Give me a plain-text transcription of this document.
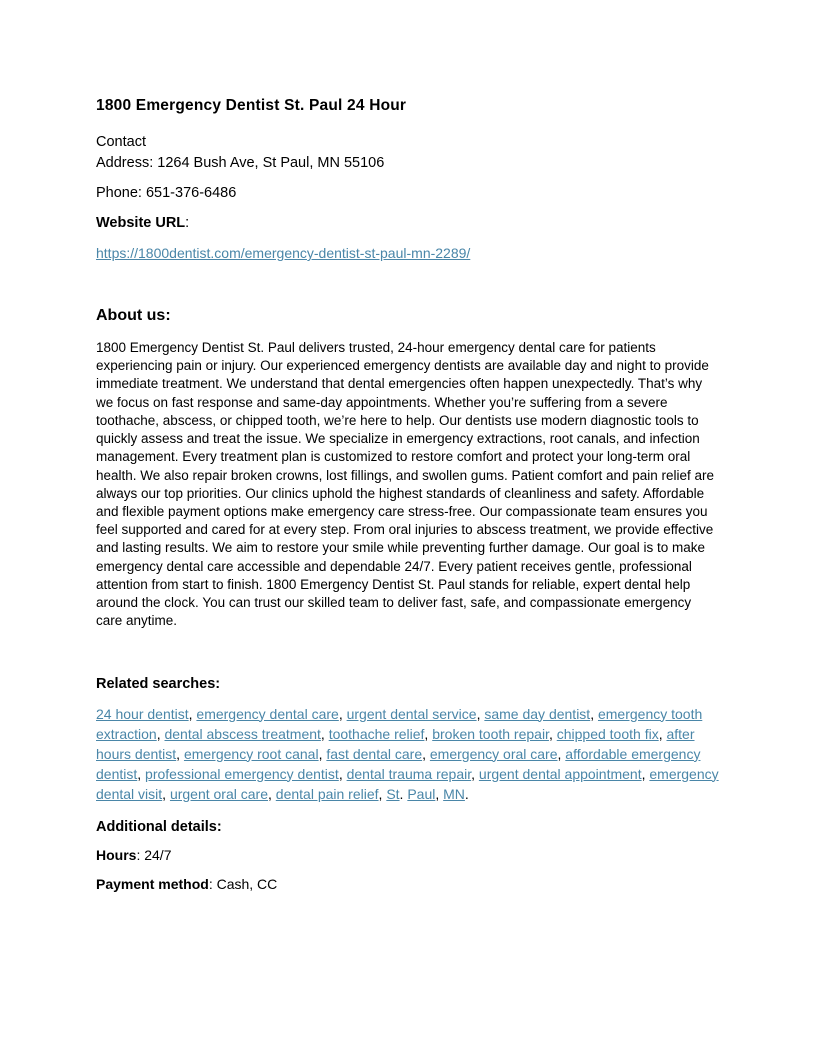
1800 Emergency Dentist St. Paul 24 Hour

Contact
Address: 1264 Bush Ave, St Paul, MN 55106

Phone: 651-376-6486

Website URL:

https://1800dentist.com/emergency-dentist-st-paul-mn-2289/

About us:

1800 Emergency Dentist St. Paul delivers trusted, 24-hour emergency dental care for patients experiencing pain or injury. Our experienced emergency dentists are available day and night to provide immediate treatment. We understand that dental emergencies often happen unexpectedly. That’s why we focus on fast response and same-day appointments. Whether you’re suffering from a severe toothache, abscess, or chipped tooth, we’re here to help. Our dentists use modern diagnostic tools to quickly assess and treat the issue. We specialize in emergency extractions, root canals, and infection management. Every treatment plan is customized to restore comfort and protect your long-term oral health. We also repair broken crowns, lost fillings, and swollen gums. Patient comfort and pain relief are always our top priorities. Our clinics uphold the highest standards of cleanliness and safety. Affordable and flexible payment options make emergency care stress-free. Our compassionate team ensures you feel supported and cared for at every step. From oral injuries to abscess treatment, we provide effective and lasting results. We aim to restore your smile while preventing further damage. Our goal is to make emergency dental care accessible and dependable 24/7. Every patient receives gentle, professional attention from start to finish. 1800 Emergency Dentist St. Paul stands for reliable, expert dental help around the clock. You can trust our skilled team to deliver fast, safe, and compassionate emergency care anytime.

Related searches:

24 hour dentist, emergency dental care, urgent dental service, same day dentist, emergency tooth extraction, dental abscess treatment, toothache relief, broken tooth repair, chipped tooth fix, after hours dentist, emergency root canal, fast dental care, emergency oral care, affordable emergency dentist, professional emergency dentist, dental trauma repair, urgent dental appointment, emergency dental visit, urgent oral care, dental pain relief, St. Paul, MN.

Additional details:

Hours: 24/7

Payment method: Cash, CC
